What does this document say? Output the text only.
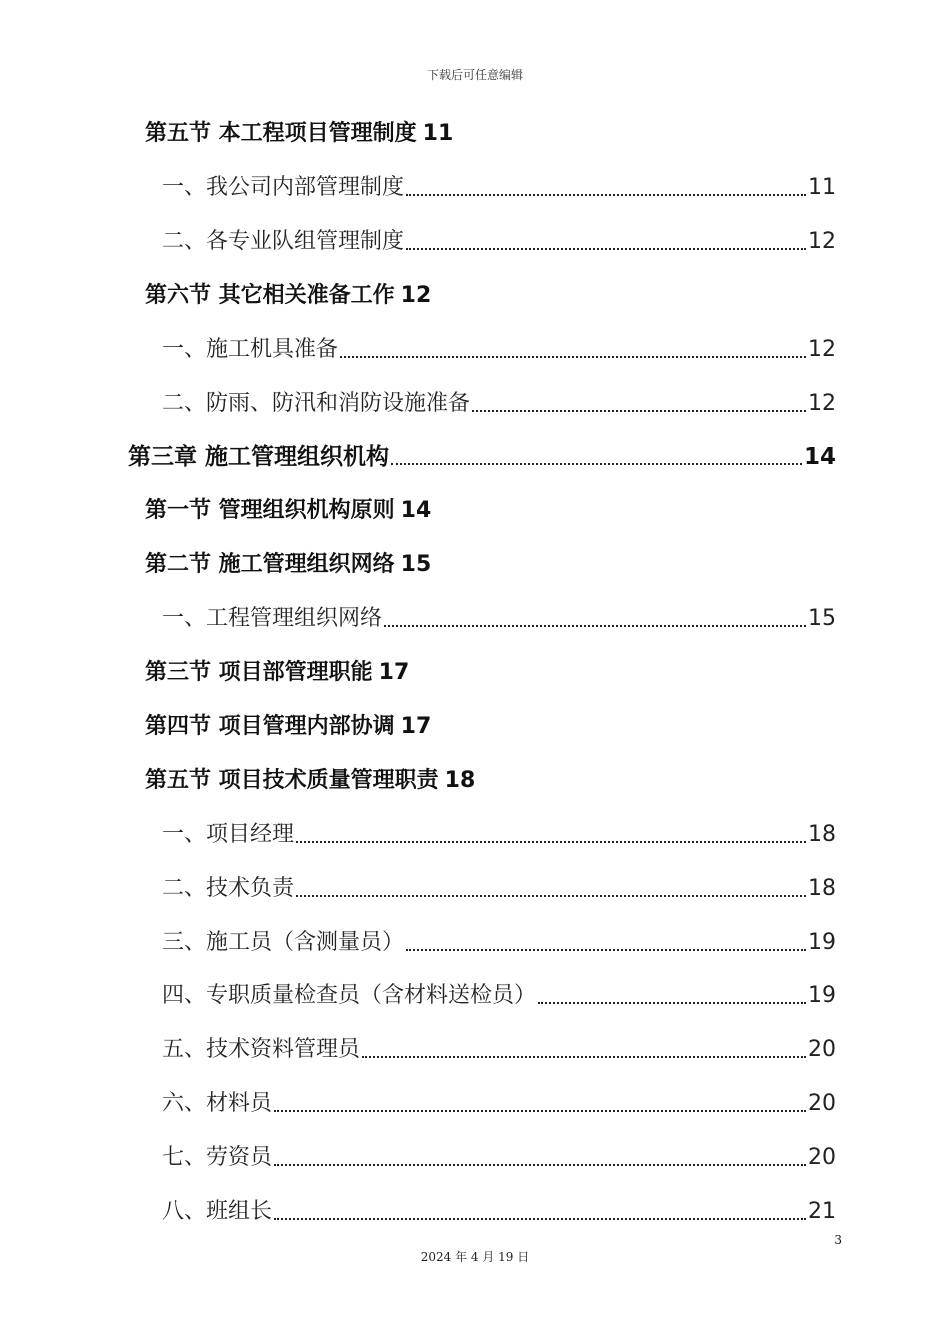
下载后可任意编辑
第五节 本工程项目管理制度 11
一、我公司内部管理制度	11
二、各专业队组管理制度	12
第六节 其它相关准备工作 12
一、施工机具准备	12
二、防雨、防汛和消防设施准备	12
第三章 施工管理组织机构	14
第一节 管理组织机构原则 14
第二节 施工管理组织网络 15
一、工程管理组织网络	15
第三节 项目部管理职能 17
第四节 项目管理内部协调 17
第五节 项目技术质量管理职责 18
一、项目经理	18
二、技术负责	18
三、施工员（含测量员）	19
四、专职质量检查员（含材料送检员）	19
五、技术资料管理员	20
六、材料员	20
七、劳资员	20
八、班组长	21
3
2024 年 4 月 19 日
